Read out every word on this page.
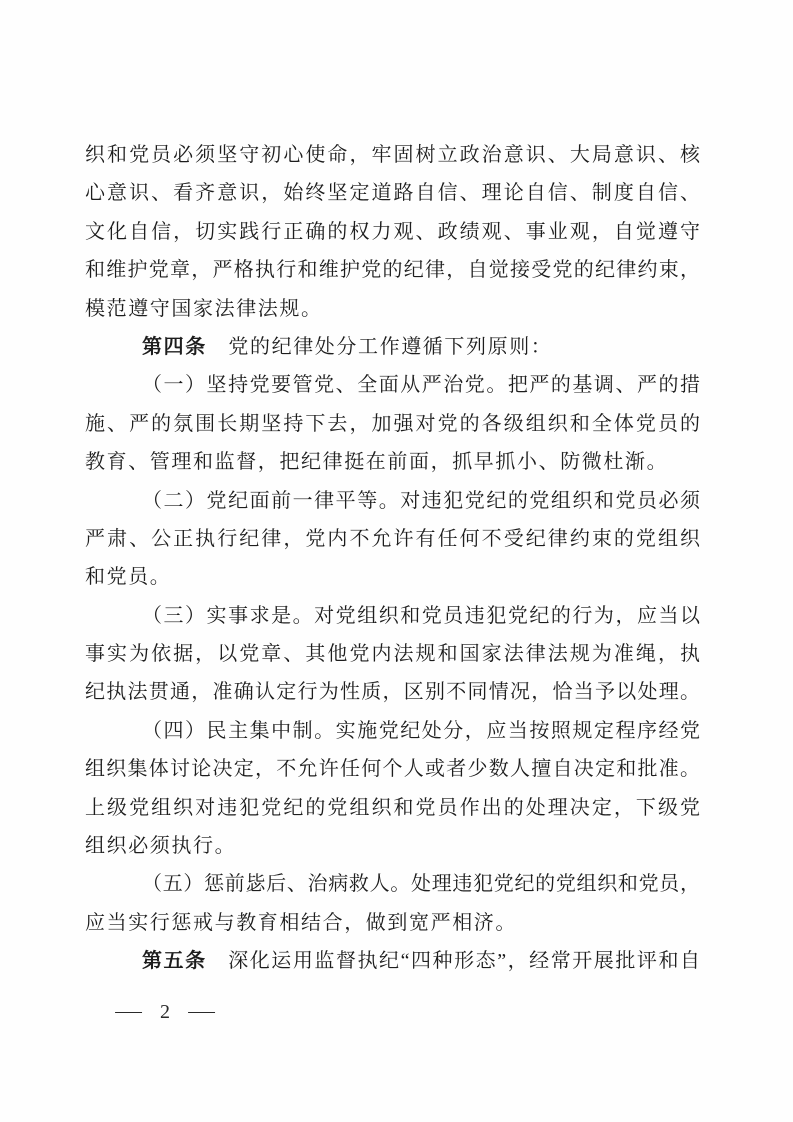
织和党员必须坚守初心使命，牢固树立政治意识、大局意识、核
心意识、看齐意识，始终坚定道路自信、理论自信、制度自信、
文化自信，切实践行正确的权力观、政绩观、事业观，自觉遵守
和维护党章，严格执行和维护党的纪律，自觉接受党的纪律约束，
模范遵守国家法律法规。
第四条　党的纪律处分工作遵循下列原则：
（一）坚持党要管党、全面从严治党。把严的基调、严的措
施、严的氛围长期坚持下去，加强对党的各级组织和全体党员的
教育、管理和监督，把纪律挺在前面，抓早抓小、防微杜渐。
（二）党纪面前一律平等。对违犯党纪的党组织和党员必须
严肃、公正执行纪律，党内不允许有任何不受纪律约束的党组织
和党员。
（三）实事求是。对党组织和党员违犯党纪的行为，应当以
事实为依据，以党章、其他党内法规和国家法律法规为准绳，执
纪执法贯通，准确认定行为性质，区别不同情况，恰当予以处理。
（四）民主集中制。实施党纪处分，应当按照规定程序经党
组织集体讨论决定，不允许任何个人或者少数人擅自决定和批准。
上级党组织对违犯党纪的党组织和党员作出的处理决定，下级党
组织必须执行。
（五）惩前毖后、治病救人。处理违犯党纪的党组织和党员，
应当实行惩戒与教育相结合，做到宽严相济。
第五条　深化运用监督执纪“四种形态”，经常开展批评和自
— 2 —
